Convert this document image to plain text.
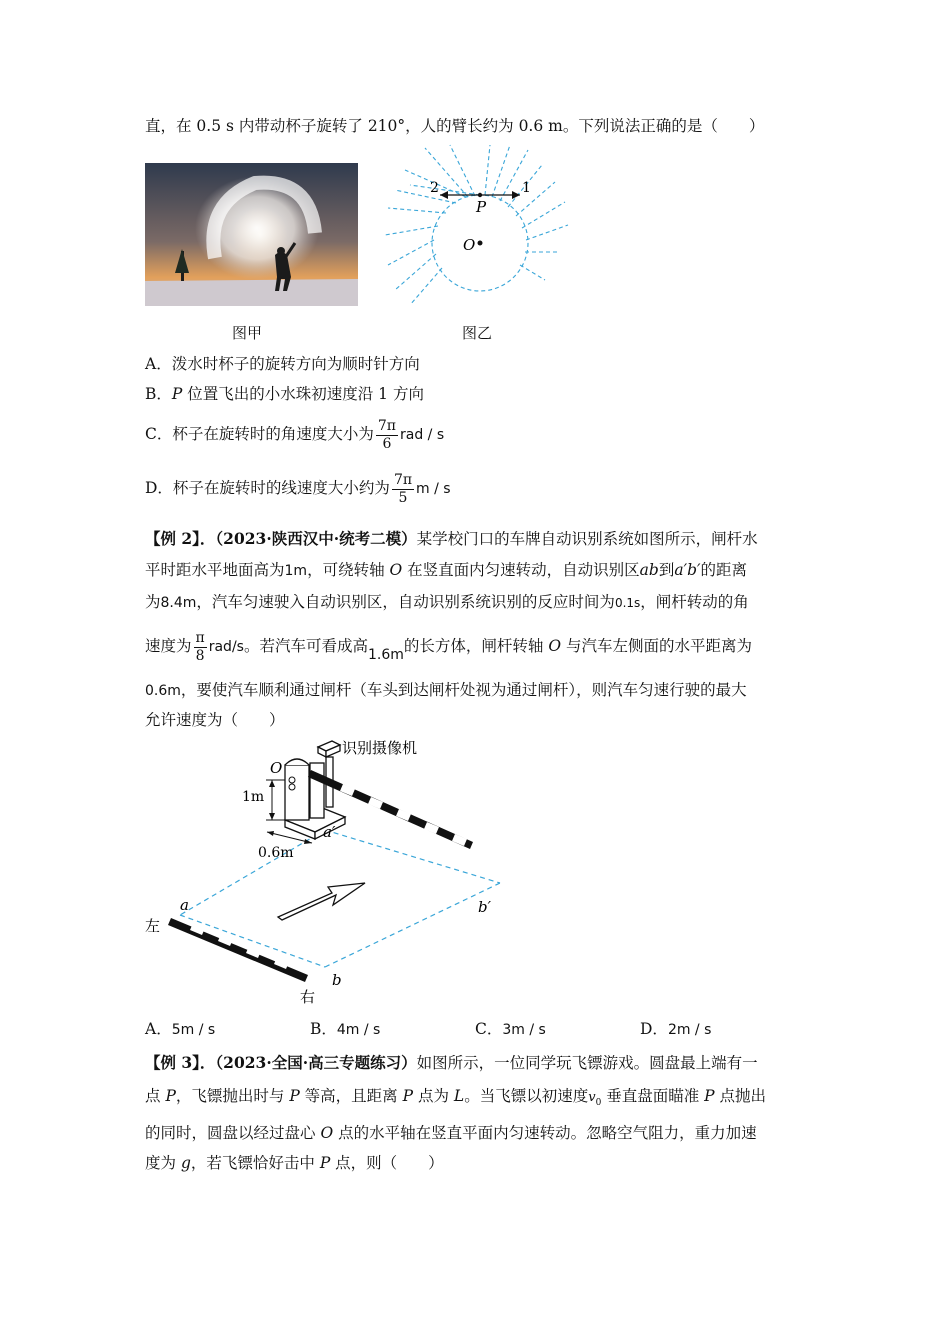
直，在 0.5 s 内带动杯子旋转了 210°，人的臂长约为 0.6 m。下列说法正确的是（　　）
图甲
2	1
P
O
图乙
A．泼水时杯子的旋转方向为顺时针方向
B．P 位置飞出的小水珠初速度沿 1 方向
C．杯子在旋转时的角速度大小为 $\frac{7\pi}{6}$ rad / s
D．杯子在旋转时的线速度大小约为 $\frac{7\pi}{5}$ m / s
【例 2】．（2023·陕西汉中·统考二模）某学校门口的车牌自动识别系统如图所示，闸杆水
平时距水平地面高为1m，可绕转轴 O 在竖直面内匀速转动，自动识别区ab到a′b′的距离
为8.4m，汽车匀速驶入自动识别区，自动识别系统识别的反应时间为0.1s，闸杆转动的角
速度为 $\frac{\pi}{8} rad/s$。若汽车可看成高1.6m的长方体，闸杆转轴 O 与汽车左侧面的水平距离为
0.6m，要使汽车顺利通过闸杆（车头到达闸杆处视为通过闸杆），则汽车匀速行驶的最大
允许速度为（　　）
识别摄像机
O
1m
0.6m
a′
a	b′
b
左
右
A．5m / s	B．4m / s	C．3m / s	D．2m / s
【例 3】．（2023·全国·高三专题练习）如图所示，一位同学玩飞镖游戏。圆盘最上端有一
点 P，飞镖抛出时与 P 等高，且距离 P 点为 L。当飞镖以初速度$v_0$ 垂直盘面瞄准 P 点抛出
的同时，圆盘以经过盘心 O 点的水平轴在竖直平面内匀速转动。忽略空气阻力，重力加速
度为 g，若飞镖恰好击中 P 点，则（　　）
